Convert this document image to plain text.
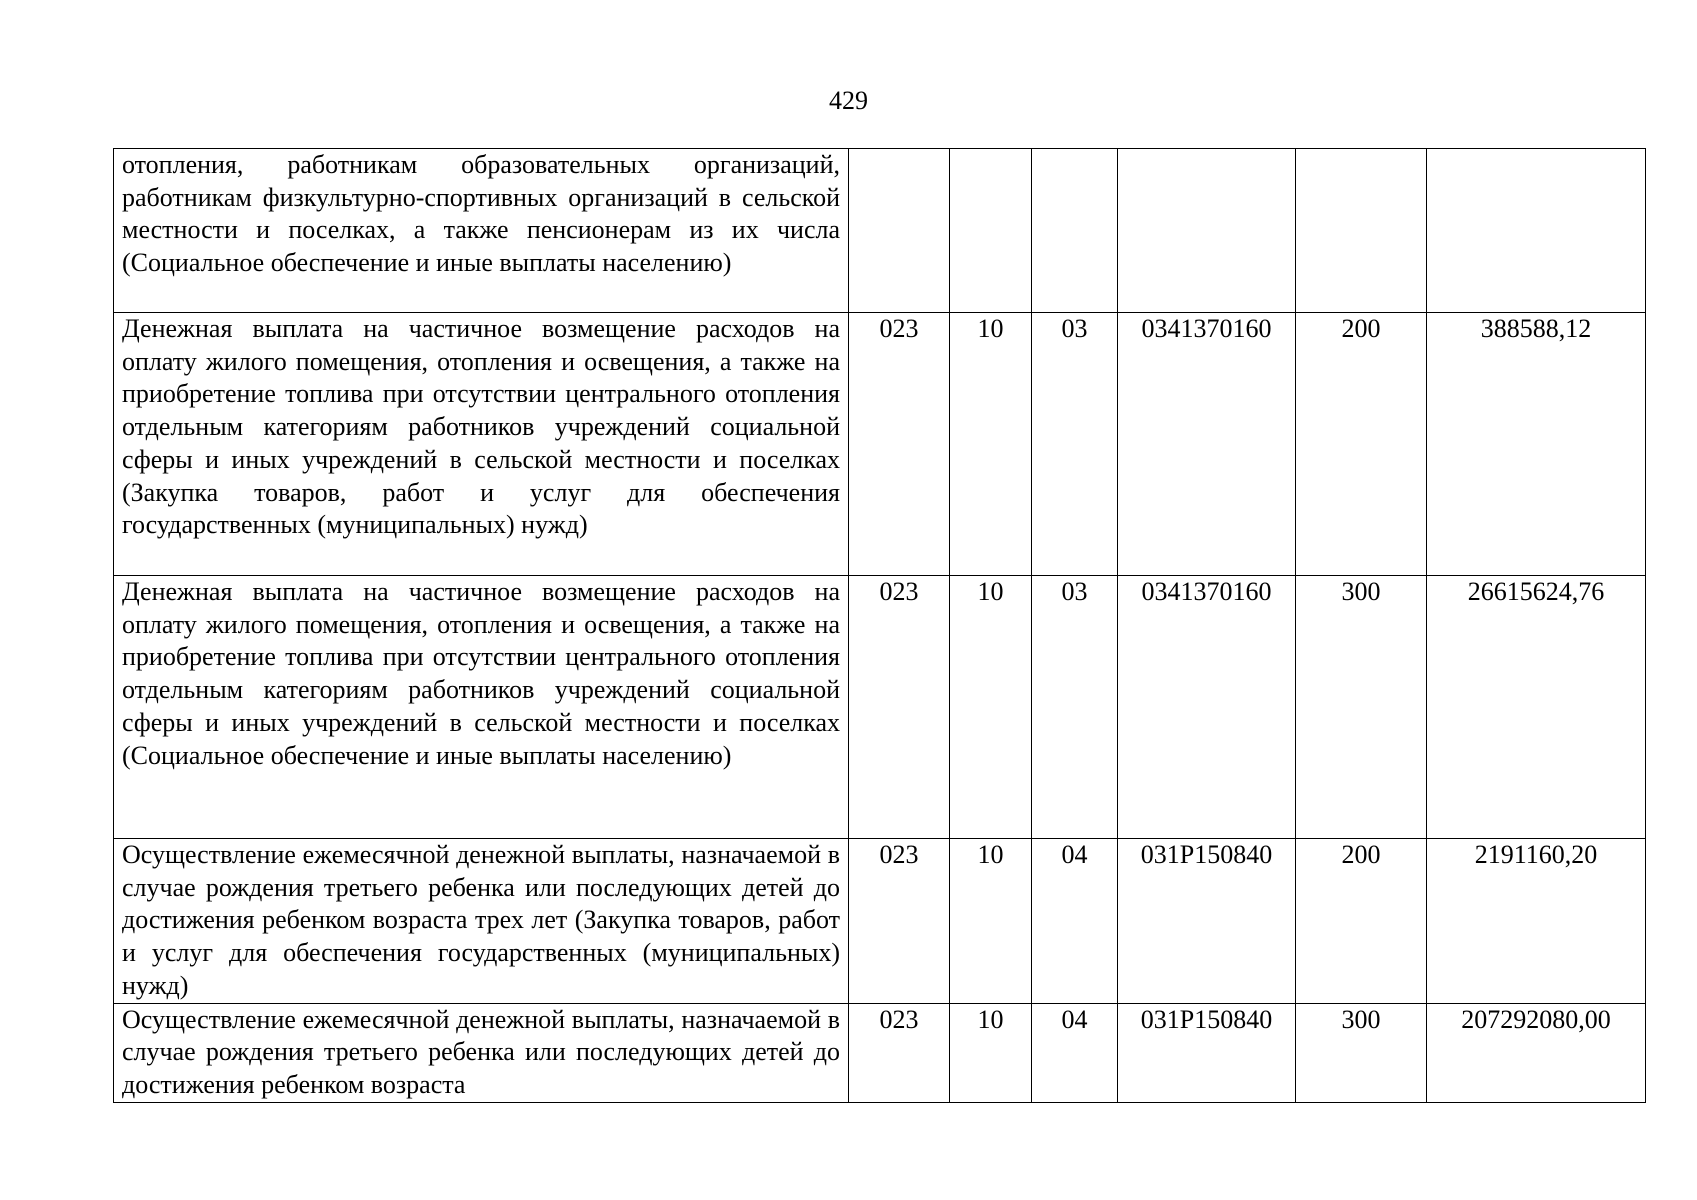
429
отопления, работникам образовательных организаций, работникам физкультурно-спортивных организаций в сельской местности и поселках, а также пенсионерам из их числа (Социальное обеспечение и иные выплаты населению)						
Денежная выплата на частичное возмещение расходов на оплату жилого помещения, отопления и освещения, а также на приобретение топлива при отсутствии центрального отопления отдельным категориям работников учреждений социальной сферы и иных учреждений в сельской местности и поселках (Закупка товаров, работ и услуг для обеспечения государственных (муниципальных) нужд)	023	10	03	0341370160	200	388588,12
Денежная выплата на частичное возмещение расходов на оплату жилого помещения, отопления и освещения, а также на приобретение топлива при отсутствии центрального отопления отдельным категориям работников учреждений социальной сферы и иных учреждений в сельской местности и поселках (Социальное обеспечение и иные выплаты населению)	023	10	03	0341370160	300	26615624,76
Осуществление ежемесячной денежной выплаты, назначаемой в случае рождения третьего ребенка или последующих детей до достижения ребенком возраста трех лет (Закупка товаров, работ и услуг для обеспечения государственных (муниципальных) нужд)	023	10	04	031P150840	200	2191160,20
Осуществление ежемесячной денежной выплаты, назначаемой в случае рождения третьего ребенка или последующих детей до достижения ребенком возраста	023	10	04	031P150840	300	207292080,00
